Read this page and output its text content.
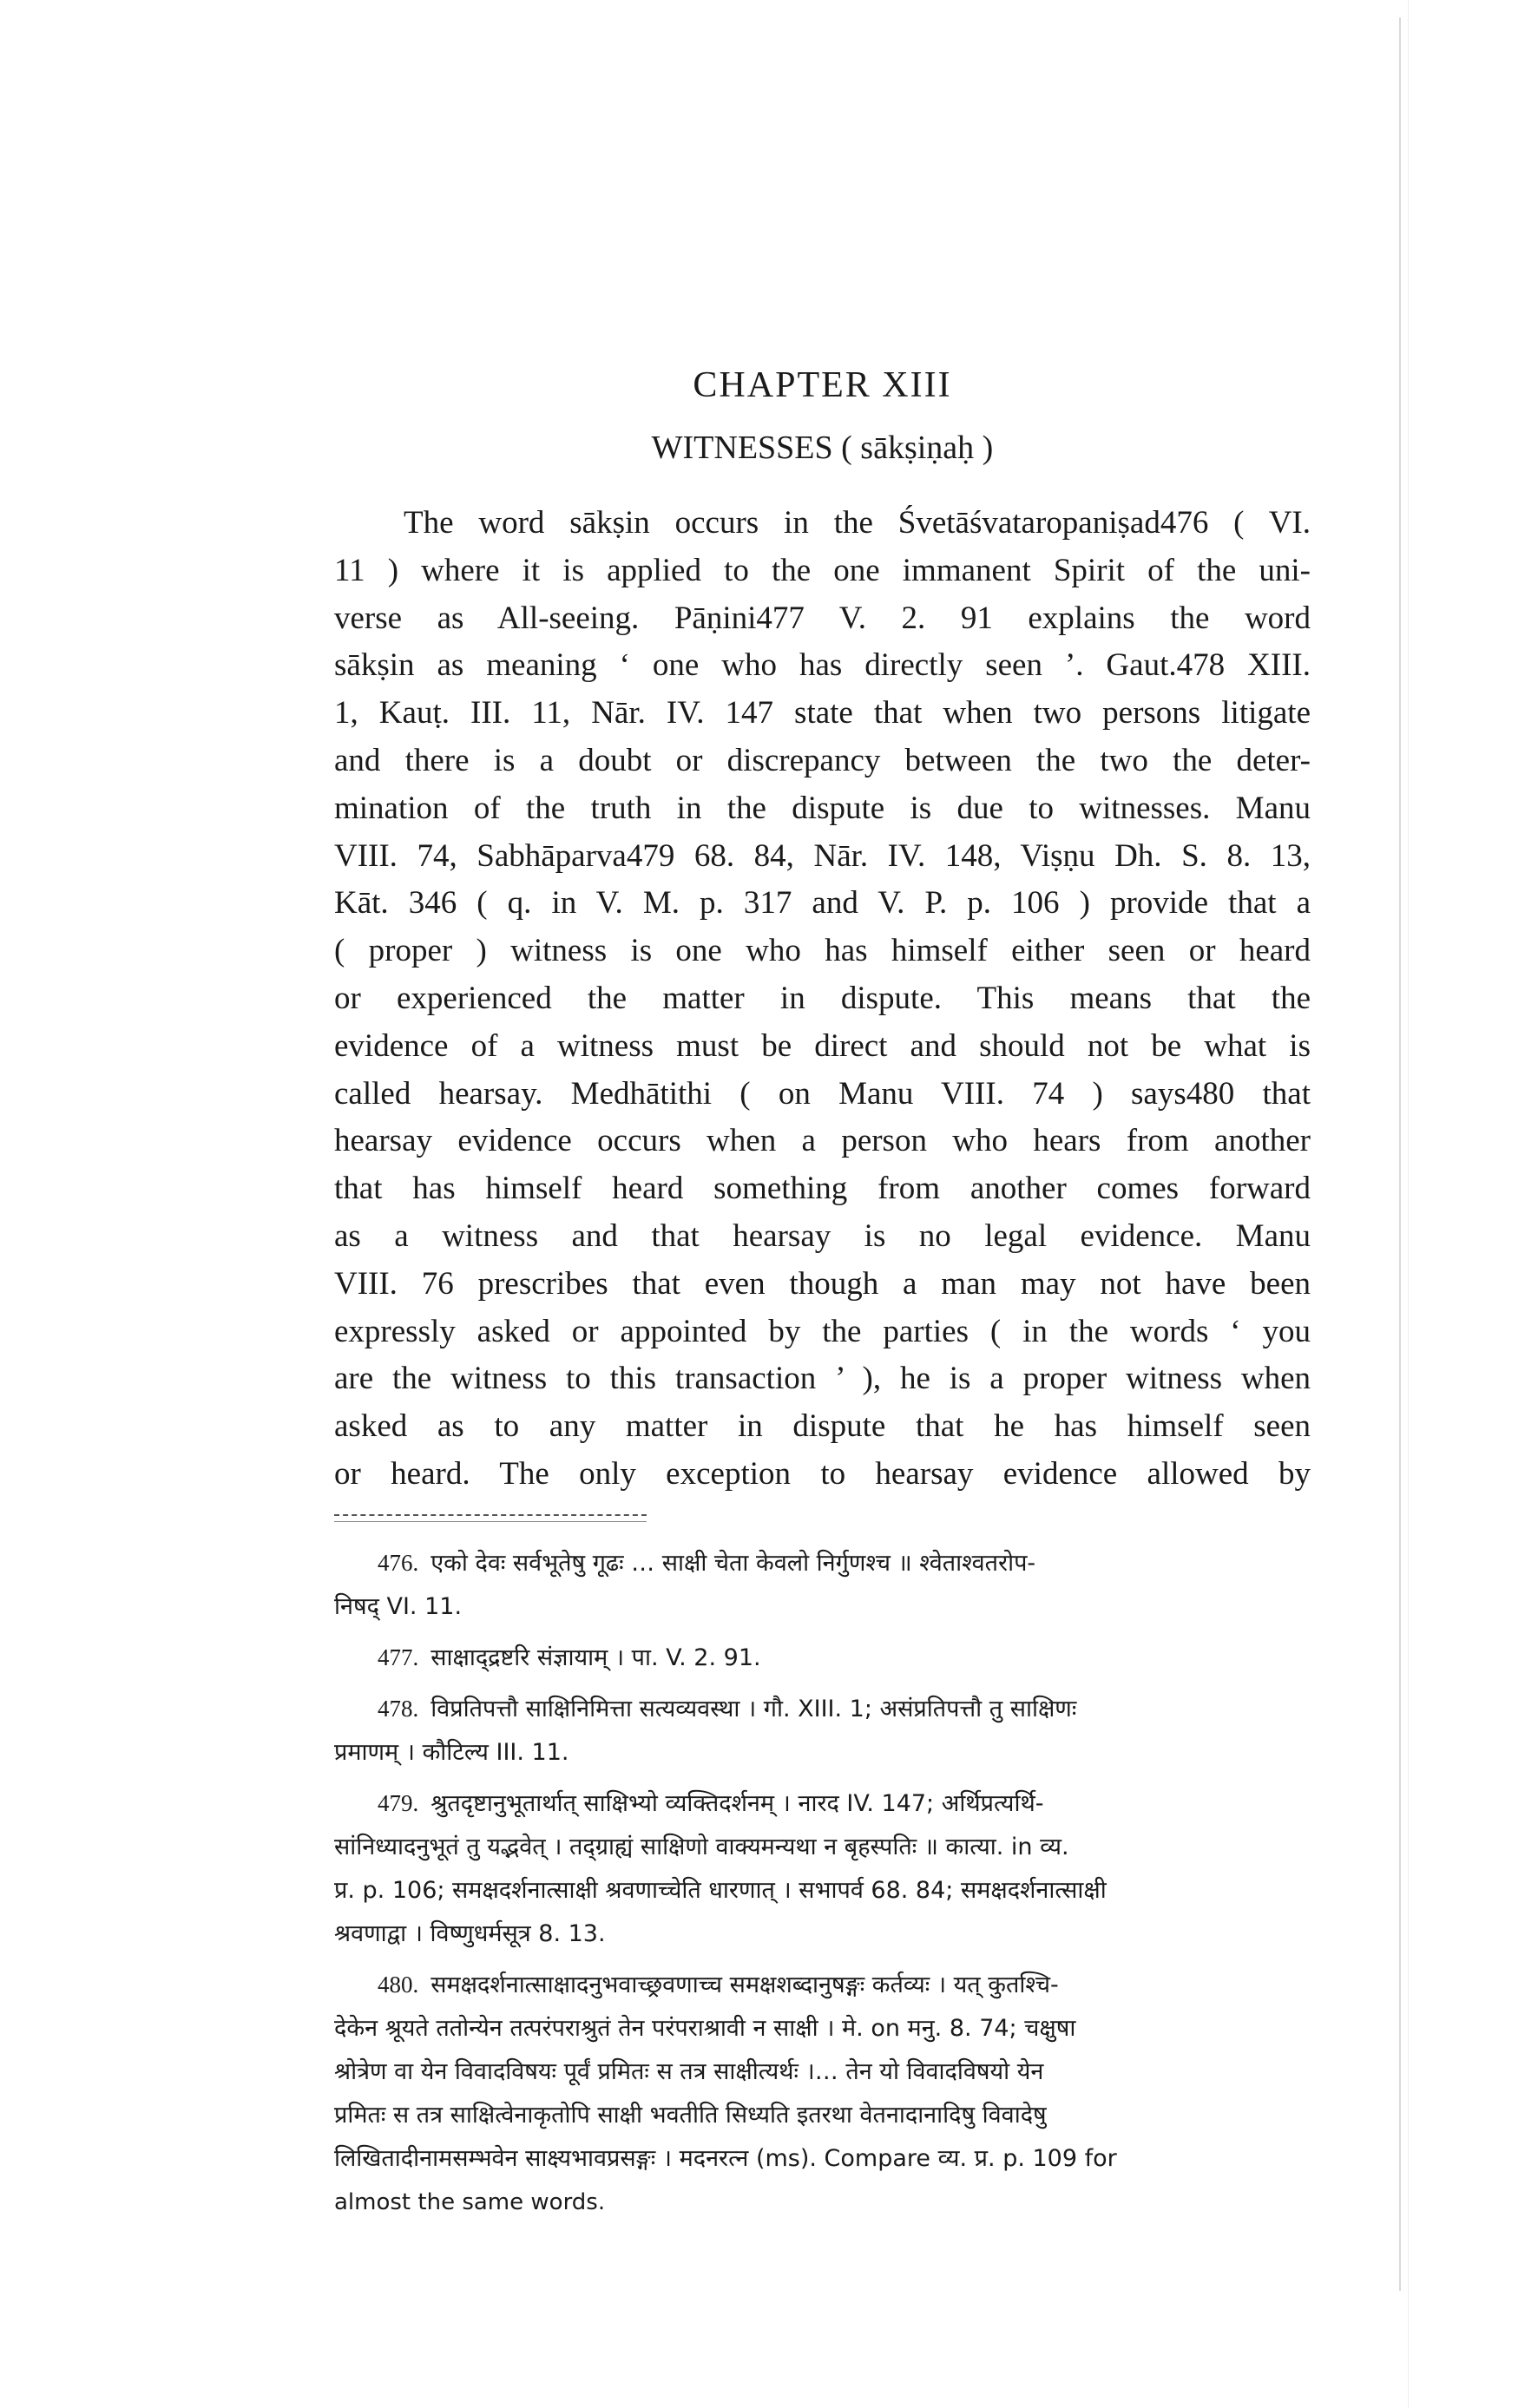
CHAPTER XIII
WITNESSES ( sākṣiṇaḥ )
The word sākṣin occurs in the Śvetāśvataropaniṣad476 ( VI.
11 ) where it is applied to the one immanent Spirit of the uni-
verse as All-seeing. Pāṇini477 V. 2. 91 explains the word
sākṣin as meaning ‘ one who has directly seen ’. Gaut.478 XIII.
1, Kauṭ. III. 11, Nār. IV. 147 state that when two persons litigate
and there is a doubt or discrepancy between the two the deter-
mination of the truth in the dispute is due to witnesses. Manu
VIII. 74, Sabhāparva479 68. 84, Nār. IV. 148, Viṣṇu Dh. S. 8. 13,
Kāt. 346 ( q. in V. M. p. 317 and V. P. p. 106 ) provide that a
( proper ) witness is one who has himself either seen or heard
or experienced the matter in dispute. This means that the
evidence of a witness must be direct and should not be what is
called hearsay. Medhātithi ( on Manu VIII. 74 ) says480 that
hearsay evidence occurs when a person who hears from another
that has himself heard something from another comes forward
as a witness and that hearsay is no legal evidence. Manu
VIII. 76 prescribes that even though a man may not have been
expressly asked or appointed by the parties ( in the words ‘ you
are the witness to this transaction ’ ), he is a proper witness when
asked as to any matter in dispute that he has himself seen
or heard. The only exception to hearsay evidence allowed by
476. एको देवः सर्वभूतेषु गूढः … साक्षी चेता केवलो निर्गुणश्च ॥ श्वेताश्वतरोप-
निषद् VI. 11.
477. साक्षाद्द्रष्टरि संज्ञायाम् । पा. V. 2. 91.
478. विप्रतिपत्तौ साक्षिनिमित्ता सत्यव्यवस्था । गौ. XIII. 1; असंप्रतिपत्तौ तु साक्षिणः
प्रमाणम् । कौटिल्य III. 11.
479. श्रुतदृष्टानुभूतार्थात् साक्षिभ्यो व्यक्तिदर्शनम् । नारद IV. 147; अर्थिप्रत्यर्थि-
सांनिध्यादनुभूतं तु यद्भवेत् । तद्ग्राह्यं साक्षिणो वाक्यमन्यथा न बृहस्पतिः ॥ कात्या. in व्य.
प्र. p. 106; समक्षदर्शनात्साक्षी श्रवणाच्चेति धारणात् । सभापर्व 68. 84; समक्षदर्शनात्साक्षी
श्रवणाद्वा । विष्णुधर्मसूत्र 8. 13.
480. समक्षदर्शनात्साक्षादनुभवाच्छ्रवणाच्च समक्षशब्दानुषङ्गः कर्तव्यः । यत् कुतश्चि-
देकेन श्रूयते ततोन्येन तत्परंपराश्रुतं तेन परंपराश्रावी न साक्षी । मे. on मनु. 8. 74; चक्षुषा
श्रोत्रेण वा येन विवादविषयः पूर्वं प्रमितः स तत्र साक्षीत्यर्थः ।… तेन यो विवादविषयो येन
प्रमितः स तत्र साक्षित्वेनाकृतोपि साक्षी भवतीति सिध्यति इतरथा वेतनादानादिषु विवादेषु
लिखितादीनामसम्भवेन साक्ष्यभावप्रसङ्गः । मदनरत्न (ms). Compare व्य. प्र. p. 109 for
almost the same words.
